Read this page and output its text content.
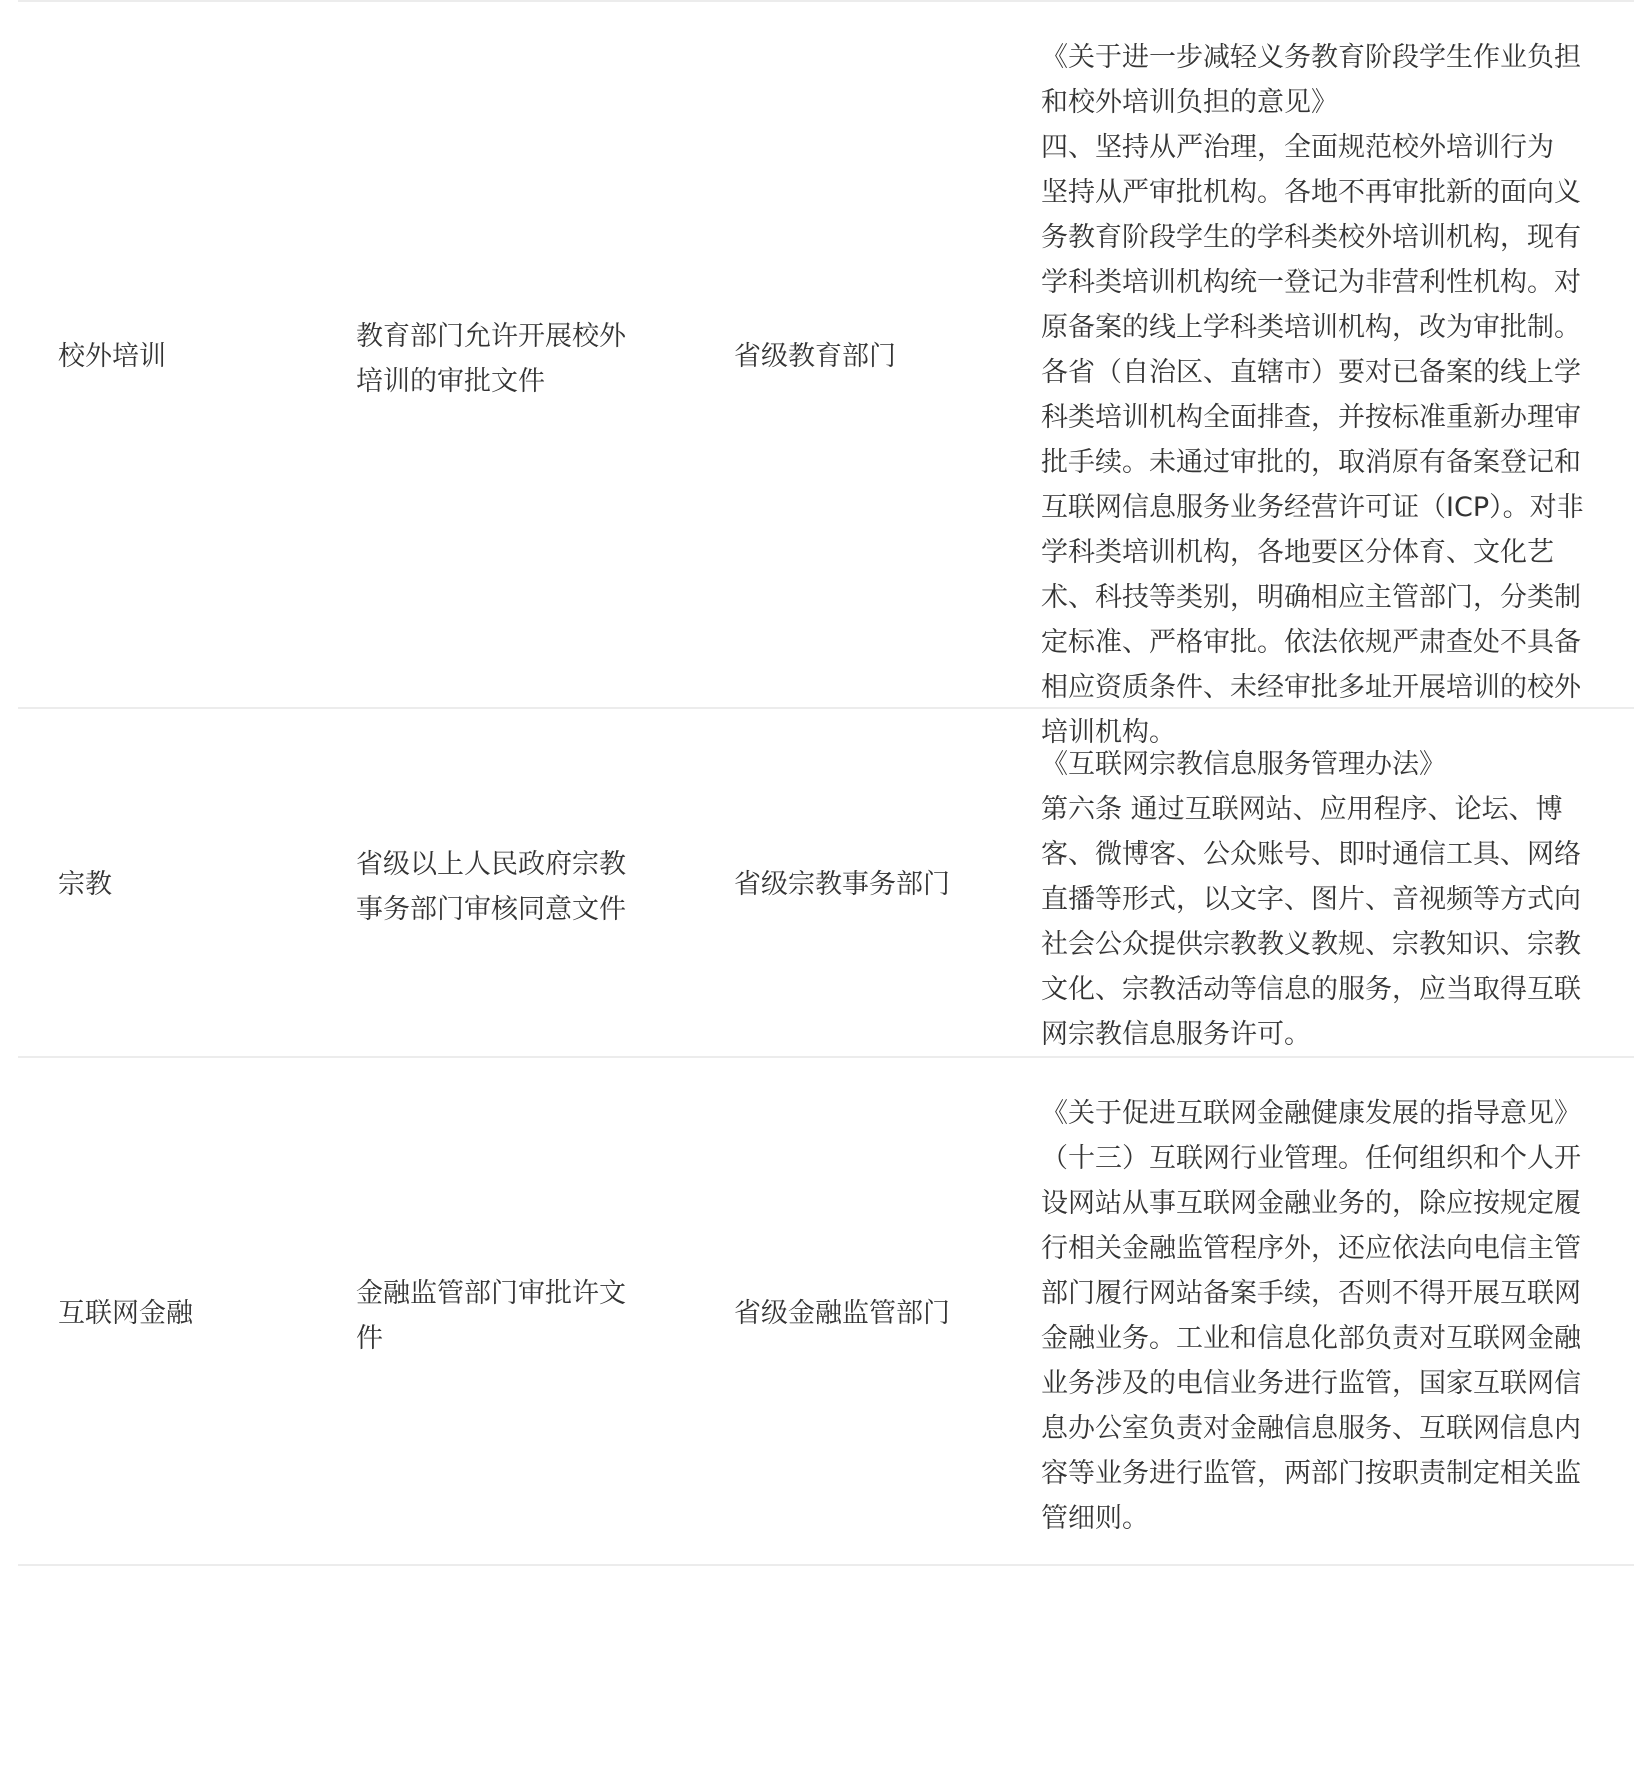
校外培训
教育部门允许开展校外培训的审批文件
省级教育部门
《关于进一步减轻义务教育阶段学生作业负担和校外培训负担的意见》
四、坚持从严治理，全面规范校外培训行为
坚持从严审批机构。各地不再审批新的面向义务教育阶段学生的学科类校外培训机构，现有学科类培训机构统一登记为非营利性机构。对原备案的线上学科类培训机构，改为审批制。各省（自治区、直辖市）要对已备案的线上学科类培训机构全面排查，并按标准重新办理审批手续。未通过审批的，取消原有备案登记和互联网信息服务业务经营许可证（ICP）。对非学科类培训机构，各地要区分体育、文化艺术、科技等类别，明确相应主管部门，分类制定标准、严格审批。依法依规严肃查处不具备相应资质条件、未经审批多址开展培训的校外培训机构。
宗教
省级以上人民政府宗教事务部门审核同意文件
省级宗教事务部门
《互联网宗教信息服务管理办法》
第六条 通过互联网站、应用程序、论坛、博客、微博客、公众账号、即时通信工具、网络直播等形式，以文字、图片、音视频等方式向社会公众提供宗教教义教规、宗教知识、宗教文化、宗教活动等信息的服务，应当取得互联网宗教信息服务许可。
互联网金融
金融监管部门审批许文件
省级金融监管部门
《关于促进互联网金融健康发展的指导意见》
（十三）互联网行业管理。任何组织和个人开设网站从事互联网金融业务的，除应按规定履行相关金融监管程序外，还应依法向电信主管部门履行网站备案手续，否则不得开展互联网金融业务。工业和信息化部负责对互联网金融业务涉及的电信业务进行监管，国家互联网信息办公室负责对金融信息服务、互联网信息内容等业务进行监管，两部门按职责制定相关监管细则。
